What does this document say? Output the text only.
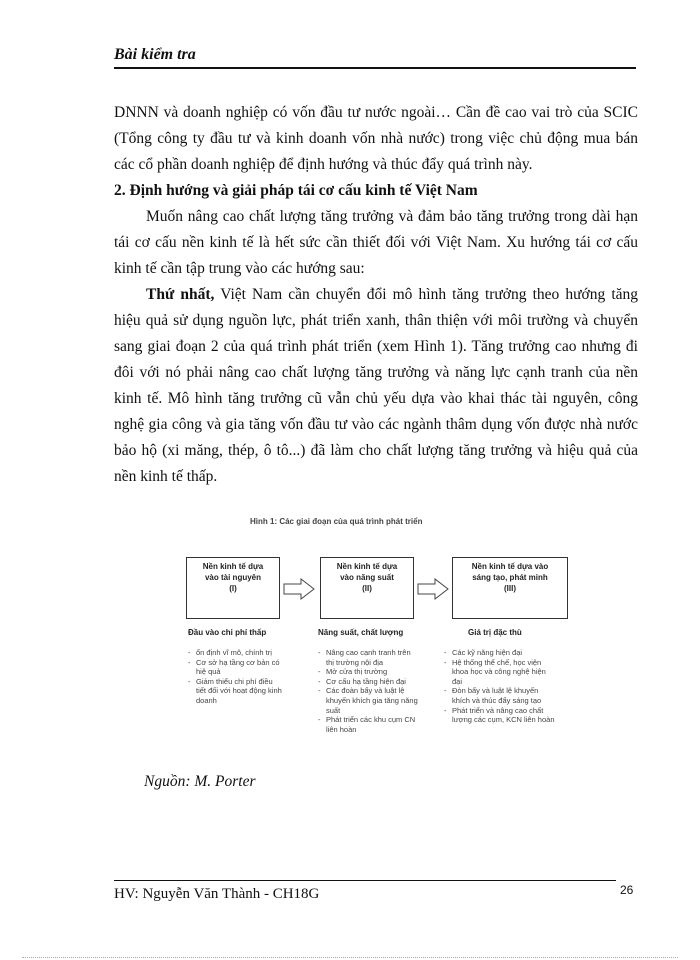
Bài kiểm tra

DNNN và doanh nghiệp có vốn đầu tư nước ngoài… Cần đề cao vai trò của SCIC (Tổng công ty đầu tư và kinh doanh vốn nhà nước) trong việc chủ động mua bán các cổ phần doanh nghiệp để định hướng và thúc đẩy quá trình này.

2. Định hướng và giải pháp tái cơ cấu kinh tế Việt Nam

Muốn nâng cao chất lượng tăng trưởng và đảm bảo tăng trưởng trong dài hạn tái cơ cấu nền kinh tế là hết sức cần thiết đối với Việt Nam. Xu hướng tái cơ cấu kinh tế cần tập trung vào các hướng sau:

Thứ nhất, Việt Nam cần chuyển đổi mô hình tăng trưởng theo hướng tăng hiệu quả sử dụng nguồn lực, phát triển xanh, thân thiện với môi trường và chuyển sang giai đoạn 2 của quá trình phát triển (xem Hình 1). Tăng trưởng cao nhưng đi đôi với nó phải nâng cao chất lượng tăng trưởng và năng lực cạnh tranh của nền kinh tế. Mô hình tăng trưởng cũ vẫn chủ yếu dựa vào khai thác tài nguyên, công nghệ gia công và gia tăng vốn đầu tư vào các ngành thâm dụng vốn được nhà nước bảo hộ (xi măng, thép, ô tô...) đã làm cho chất lượng tăng trưởng và hiệu quả của nền kinh tế thấp.

Hình 1: Các giai đoạn của quá trình phát triển
Nền kinh tế dựa
vào tài nguyên
(I)
Nền kinh tế dựa
vào năng suất
(II)
Nền kinh tế dựa vào
sáng tạo, phát minh
(III)
Đầu vào chi phí thấp	Năng suất, chất lượng	Giá trị đặc thù
- ổn định vĩ mô, chính trị
- Cơ sở hạ tầng cơ bản có hiệ quả
- Giảm thiểu chi phí điều tiết đối với hoạt động kinh doanh
- Nâng cao cạnh tranh trên thị trường nội địa
- Mở cửa thị trường
- Cơ cấu hạ tầng hiện đại
- Các đoàn bẩy và luật lệ khuyến khích gia tăng năng suất
- Phát triển các khu cụm CN liên hoàn
- Các kỹ năng hiện đại
- Hệ thống thể chế, học viện khoa học và công nghệ hiện đại
- Đòn bẩy và luật lệ khuyến khích và thúc đẩy sáng tạo
- Phát triển và nâng cao chất lượng các cụm, KCN liên hoàn
Nguồn: M. Porter
HV: Nguyễn Văn Thành - CH18G	26
